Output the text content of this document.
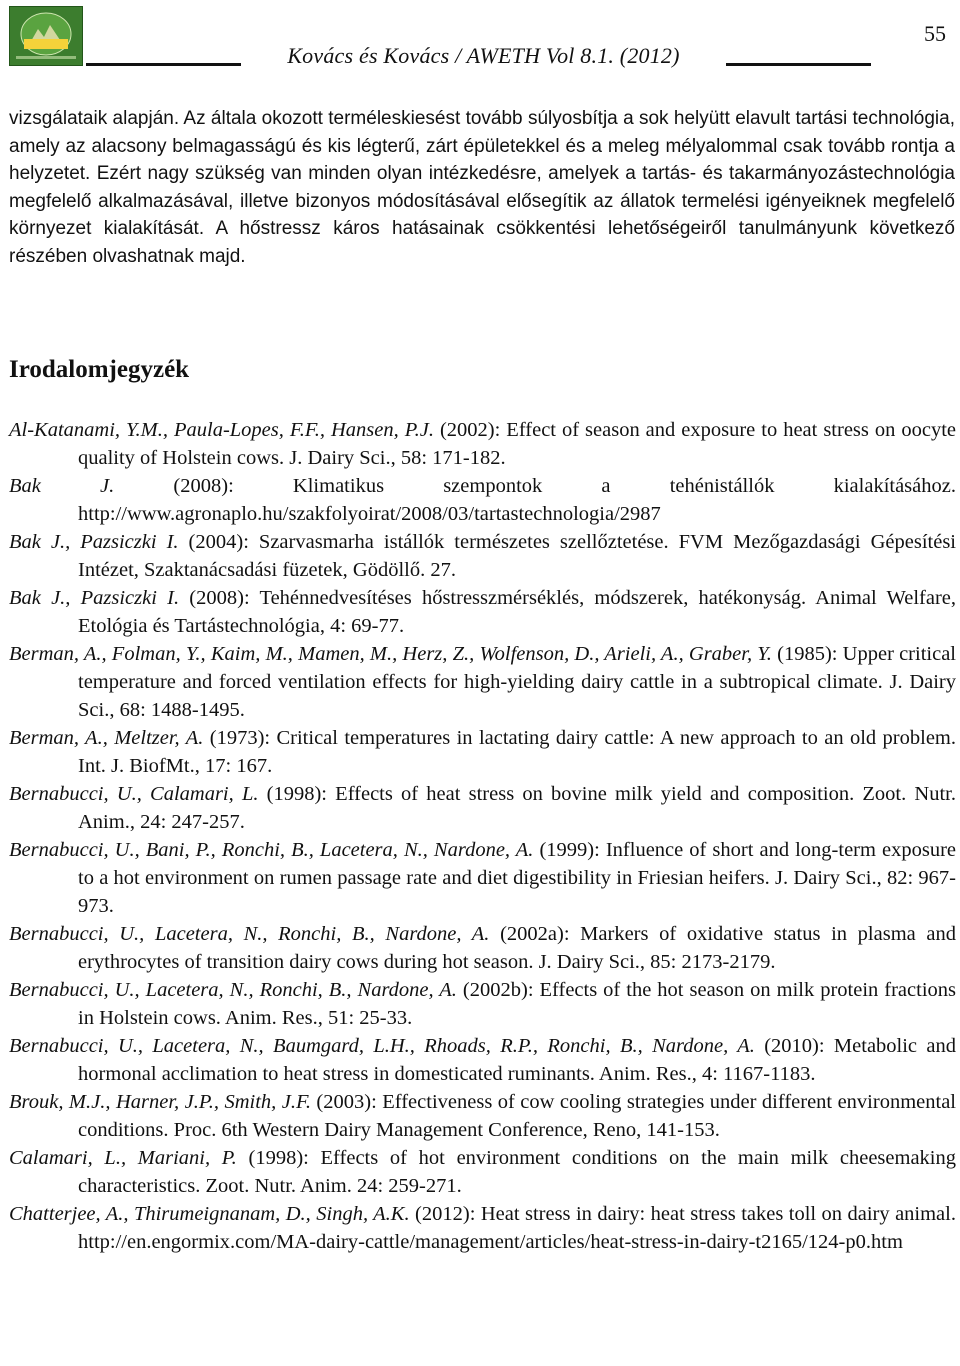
Kovács és Kovács / AWETH Vol 8.1. (2012)
55

vizsgálataik alapján. Az általa okozott terméleskiesést tovább súlyosbítja a sok helyütt elavult tartási technológia, amely az alacsony belmagasságú és kis légterű, zárt épületekkel és a meleg mélyalommal csak tovább rontja a helyzetet. Ezért nagy szükség van minden olyan intézkedésre, amelyek a tartás- és takarmányozástechnológia megfelelő alkalmazásával, illetve bizonyos módosításával elősegítik az állatok termelési igényeiknek megfelelő környezet kialakítását. A hőstressz káros hatásainak csökkentési lehetőségeiről tanulmányunk következő részében olvashatnak majd.

Irodalomjegyzék

Al-Katanami, Y.M., Paula-Lopes, F.F., Hansen, P.J. (2002): Effect of season and exposure to heat stress on oocyte quality of Holstein cows. J. Dairy Sci., 58: 171-182.

Bak J. (2008): Klimatikus szempontok a tehénistállók kialakításához. http://www.agronaplo.hu/szakfolyoirat/2008/03/tartastechnologia/2987

Bak J., Pazsiczki I. (2004): Szarvasmarha istállók természetes szellőztetése. FVM Mezőgazdasági Gépesítési Intézet, Szaktanácsadási füzetek, Gödöllő. 27.

Bak J., Pazsiczki I. (2008): Tehénnedvesítéses hőstresszmérséklés, módszerek, hatékonyság. Animal Welfare, Etológia és Tartástechnológia, 4: 69-77.

Berman, A., Folman, Y., Kaim, M., Mamen, M., Herz, Z., Wolfenson, D., Arieli, A., Graber, Y. (1985): Upper critical temperature and forced ventilation effects for high-yielding dairy cattle in a subtropical climate. J. Dairy Sci., 68: 1488-1495.

Berman, A., Meltzer, A. (1973): Critical temperatures in lactating dairy cattle: A new approach to an old problem. Int. J. BiofMt., 17: 167.

Bernabucci, U., Calamari, L. (1998): Effects of heat stress on bovine milk yield and composition. Zoot. Nutr. Anim., 24: 247-257.

Bernabucci, U., Bani, P., Ronchi, B., Lacetera, N., Nardone, A. (1999): Influence of short and long-term exposure to a hot environment on rumen passage rate and diet digestibility in Friesian heifers. J. Dairy Sci., 82: 967-973.

Bernabucci, U., Lacetera, N., Ronchi, B., Nardone, A. (2002a): Markers of oxidative status in plasma and erythrocytes of transition dairy cows during hot season. J. Dairy Sci., 85: 2173-2179.

Bernabucci, U., Lacetera, N., Ronchi, B., Nardone, A. (2002b): Effects of the hot season on milk protein fractions in Holstein cows. Anim. Res., 51: 25-33.

Bernabucci, U., Lacetera, N., Baumgard, L.H., Rhoads, R.P., Ronchi, B., Nardone, A. (2010): Metabolic and hormonal acclimation to heat stress in domesticated ruminants. Anim. Res., 4: 1167-1183.

Brouk, M.J., Harner, J.P., Smith, J.F. (2003): Effectiveness of cow cooling strategies under different environmental conditions. Proc. 6th Western Dairy Management Conference, Reno, 141-153.

Calamari, L., Mariani, P. (1998): Effects of hot environment conditions on the main milk cheesemaking characteristics. Zoot. Nutr. Anim. 24: 259-271.

Chatterjee, A., Thirumeignanam, D., Singh, A.K. (2012): Heat stress in dairy: heat stress takes toll on dairy animal. http://en.engormix.com/MA-dairy-cattle/management/articles/heat-stress-in-dairy-t2165/124-p0.htm
